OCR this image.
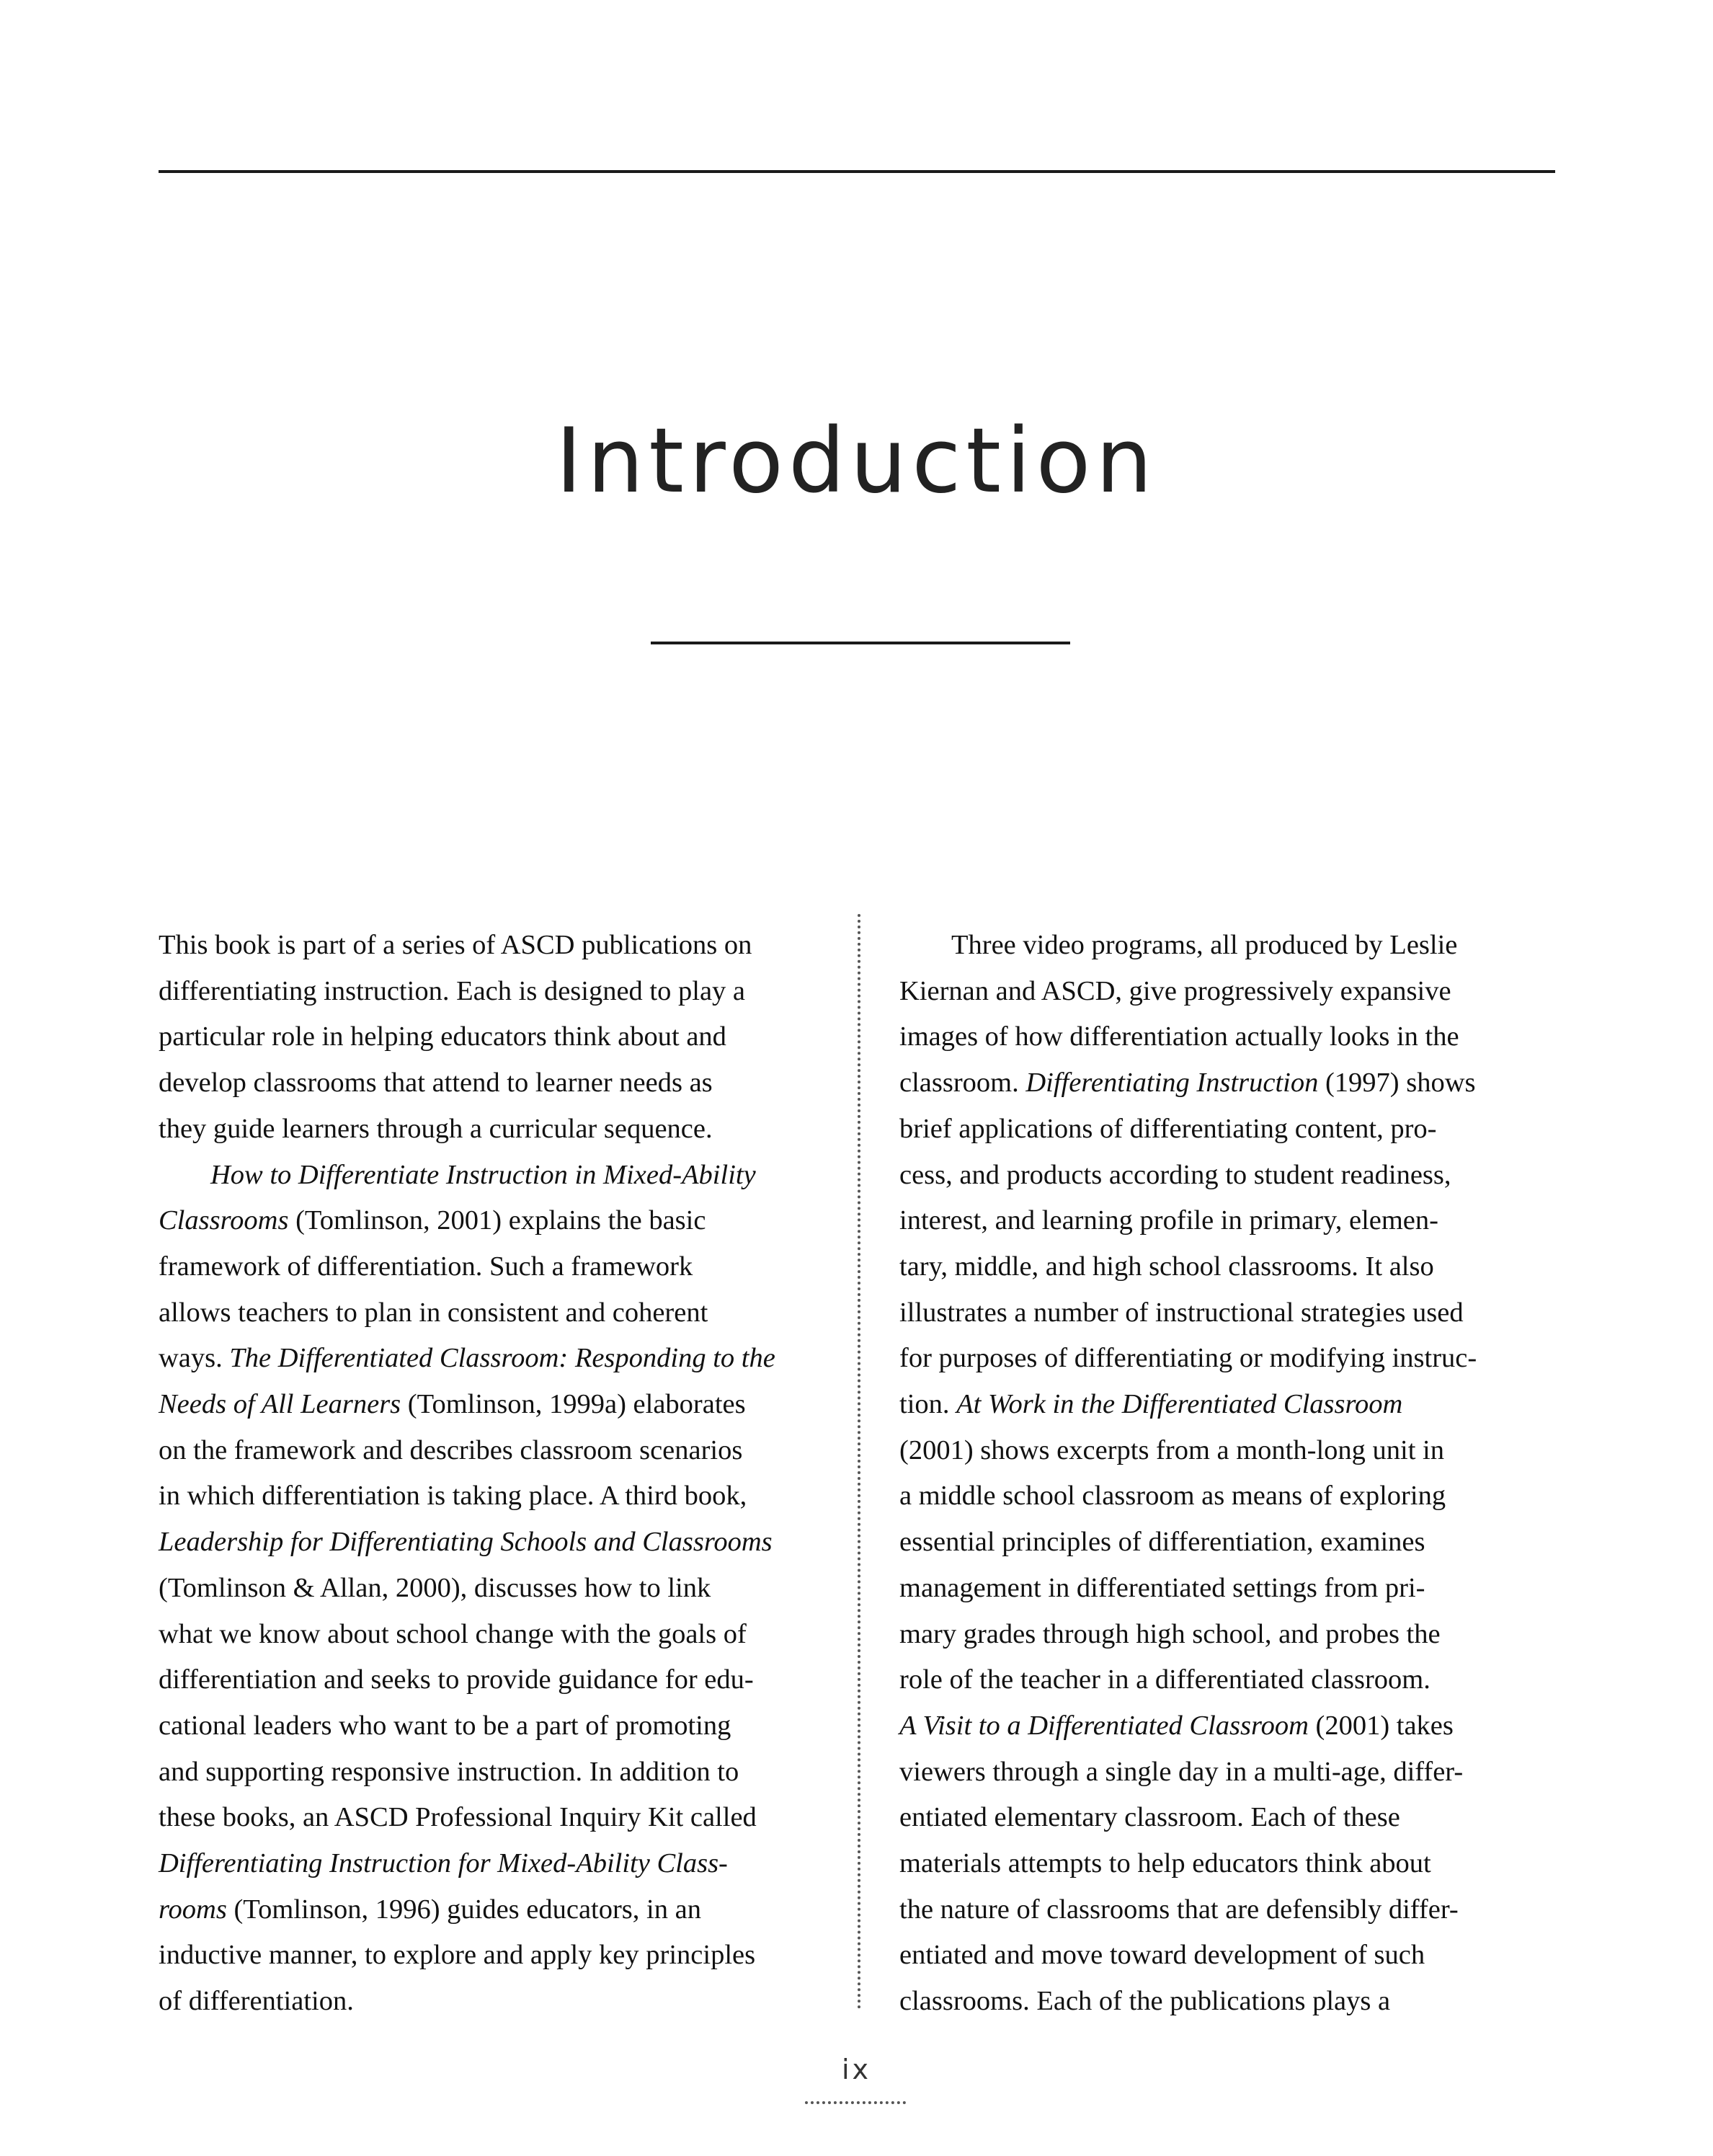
Introduction

This book is part of a series of ASCD publications on
differentiating instruction. Each is designed to play a
particular role in helping educators think about and
develop classrooms that attend to learner needs as
they guide learners through a curricular sequence.

How to Differentiate Instruction in Mixed-Ability
Classrooms (Tomlinson, 2001) explains the basic
framework of differentiation. Such a framework
allows teachers to plan in consistent and coherent
ways. The Differentiated Classroom: Responding to the
Needs of All Learners (Tomlinson, 1999a) elaborates
on the framework and describes classroom scenarios
in which differentiation is taking place. A third book,
Leadership for Differentiating Schools and Classrooms
(Tomlinson & Allan, 2000), discusses how to link
what we know about school change with the goals of
differentiation and seeks to provide guidance for edu-
cational leaders who want to be a part of promoting
and supporting responsive instruction. In addition to
these books, an ASCD Professional Inquiry Kit called
Differentiating Instruction for Mixed-Ability Class-
rooms (Tomlinson, 1996) guides educators, in an
inductive manner, to explore and apply key principles
of differentiation.

Three video programs, all produced by Leslie
Kiernan and ASCD, give progressively expansive
images of how differentiation actually looks in the
classroom. Differentiating Instruction (1997) shows
brief applications of differentiating content, pro-
cess, and products according to student readiness,
interest, and learning profile in primary, elemen-
tary, middle, and high school classrooms. It also
illustrates a number of instructional strategies used
for purposes of differentiating or modifying instruc-
tion. At Work in the Differentiated Classroom
(2001) shows excerpts from a month-long unit in
a middle school classroom as means of exploring
essential principles of differentiation, examines
management in differentiated settings from pri-
mary grades through high school, and probes the
role of the teacher in a differentiated classroom.
A Visit to a Differentiated Classroom (2001) takes
viewers through a single day in a multi-age, differ-
entiated elementary classroom. Each of these
materials attempts to help educators think about
the nature of classrooms that are defensibly differ-
entiated and move toward development of such
classrooms. Each of the publications plays a

ix
